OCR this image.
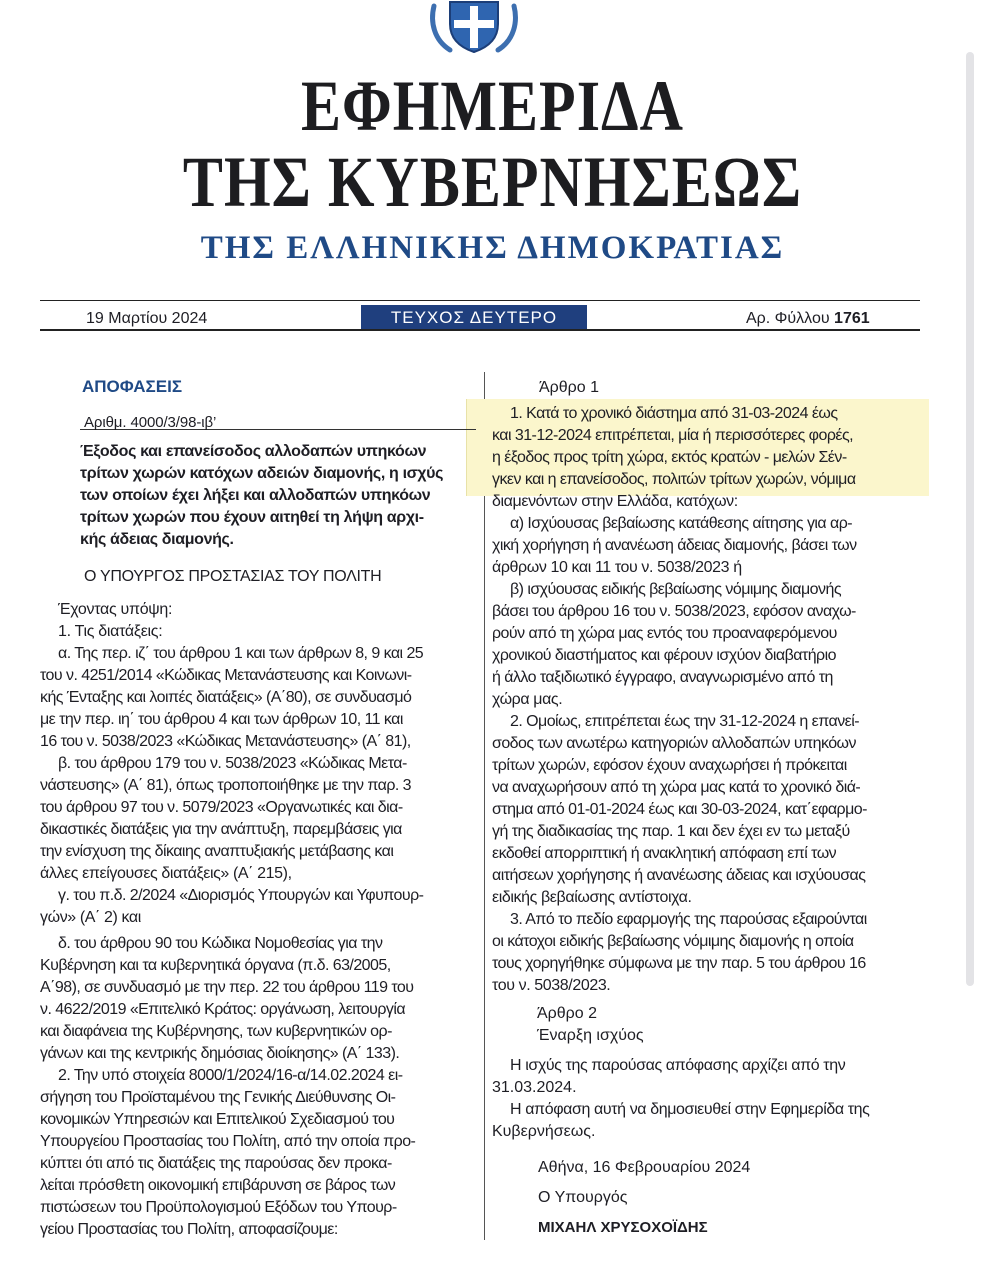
ΕΦΗΜΕΡΙΔΑ
ΤΗΣ ΚΥΒΕΡΝΗΣΕΩΣ
ΤΗΣ ΕΛΛΗΝΙΚΗΣ ΔΗΜΟΚΡΑΤΙΑΣ
19 Μαρτίου 2024	ΤΕΥΧΟΣ ΔΕΥΤΕΡΟ	Αρ. Φύλλου 1761
ΑΠΟΦΑΣΕΙΣ
Αριθμ. 4000/3/98-ιβ’
Έξοδος και επανείσοδος αλλοδαπών υπηκόων
τρίτων χωρών κατόχων αδειών διαμονής, η ισχύς
των οποίων έχει λήξει και αλλοδαπών υπηκόων
τρίτων χωρών που έχουν αιτηθεί τη λήψη αρχι-
κής άδειας διαμονής.
Ο ΥΠΟΥΡΓΟΣ ΠΡΟΣΤΑΣΙΑΣ ΤΟΥ ΠΟΛΙΤΗ
Έχοντας υπόψη:
1. Τις διατάξεις:
α. Της περ. ιζ΄ του άρθρου 1 και των άρθρων 8, 9 και 25
του ν. 4251/2014 «Κώδικας Μετανάστευσης και Κοινωνι-
κής Ένταξης και λοιπές διατάξεις» (Α΄80), σε συνδυασμό
με την περ. ιη΄ του άρθρου 4 και των άρθρων 10, 11 και
16 του ν. 5038/2023 «Κώδικας Μετανάστευσης» (Α΄ 81),
β. του άρθρου 179 του ν. 5038/2023 «Κώδικας Μετα-
νάστευσης» (Α΄ 81), όπως τροποποιήθηκε με την παρ. 3
του άρθρου 97 του ν. 5079/2023 «Οργανωτικές και δια-
δικαστικές διατάξεις για την ανάπτυξη, παρεμβάσεις για
την ενίσχυση της δίκαιης αναπτυξιακής μετάβασης και
άλλες επείγουσες διατάξεις» (Α΄ 215),
γ. του π.δ. 2/2024 «Διορισμός Υπουργών και Υφυπουρ-
γών» (Α΄ 2) και
δ. του άρθρου 90 του Κώδικα Νομοθεσίας για την
Κυβέρνηση και τα κυβερνητικά όργανα (π.δ. 63/2005,
Α΄98), σε συνδυασμό με την περ. 22 του άρθρου 119 του
ν. 4622/2019 «Επιτελικό Κράτος: οργάνωση, λειτουργία
και διαφάνεια της Κυβέρνησης, των κυβερνητικών ορ-
γάνων και της κεντρικής δημόσιας διοίκησης» (Α΄ 133).
2. Την υπό στοιχεία 8000/1/2024/16-α/14.02.2024 ει-
σήγηση του Προϊσταμένου της Γενικής Διεύθυνσης Οι-
κονομικών Υπηρεσιών και Επιτελικού Σχεδιασμού του
Υπουργείου Προστασίας του Πολίτη, από την οποία προ-
κύπτει ότι από τις διατάξεις της παρούσας δεν προκα-
λείται πρόσθετη οικονομική επιβάρυνση σε βάρος των
πιστώσεων του Προϋπολογισμού Εξόδων του Υπουρ-
γείου Προστασίας του Πολίτη, αποφασίζουμε:
Άρθρο 1
1. Κατά το χρονικό διάστημα από 31-03-2024 έως
και 31-12-2024 επιτρέπεται, μία ή περισσότερες φορές,
η έξοδος προς τρίτη χώρα, εκτός κρατών - μελών Σέν-
γκεν και η επανείσοδος, πολιτών τρίτων χωρών, νόμιμα
διαμενόντων στην Ελλάδα, κατόχων:
α) Ισχύουσας βεβαίωσης κατάθεσης αίτησης για αρ-
χική χορήγηση ή ανανέωση άδειας διαμονής, βάσει των
άρθρων 10 και 11 του ν. 5038/2023 ή
β) ισχύουσας ειδικής βεβαίωσης νόμιμης διαμονής
βάσει του άρθρου 16 του ν. 5038/2023, εφόσον αναχω-
ρούν από τη χώρα μας εντός του προαναφερόμενου
χρονικού διαστήματος και φέρουν ισχύον διαβατήριο
ή άλλο ταξιδιωτικό έγγραφο, αναγνωρισμένο από τη
χώρα μας.
2. Ομοίως, επιτρέπεται έως την 31-12-2024 η επανεί-
σοδος των ανωτέρω κατηγοριών αλλοδαπών υπηκόων
τρίτων χωρών, εφόσον έχουν αναχωρήσει ή πρόκειται
να αναχωρήσουν από τη χώρα μας κατά το χρονικό διά-
στημα από 01-01-2024 έως και 30-03-2024, κατ΄εφαρμο-
γή της διαδικασίας της παρ. 1 και δεν έχει εν τω μεταξύ
εκδοθεί απορριπτική ή ανακλητική απόφαση επί των
αιτήσεων χορήγησης ή ανανέωσης άδειας και ισχύουσας
ειδικής βεβαίωσης αντίστοιχα.
3. Από το πεδίο εφαρμογής της παρούσας εξαιρούνται
οι κάτοχοι ειδικής βεβαίωσης νόμιμης διαμονής η οποία
τους χορηγήθηκε σύμφωνα με την παρ. 5 του άρθρου 16
του ν. 5038/2023.
Άρθρο 2
Έναρξη ισχύος
Η ισχύς της παρούσας απόφασης αρχίζει από την
31.03.2024.
Η απόφαση αυτή να δημοσιευθεί στην Εφημερίδα της
Κυβερνήσεως.
Αθήνα, 16 Φεβρουαρίου 2024
Ο Υπουργός
ΜΙΧΑΗΛ ΧΡΥΣΟΧΟΪΔΗΣ
